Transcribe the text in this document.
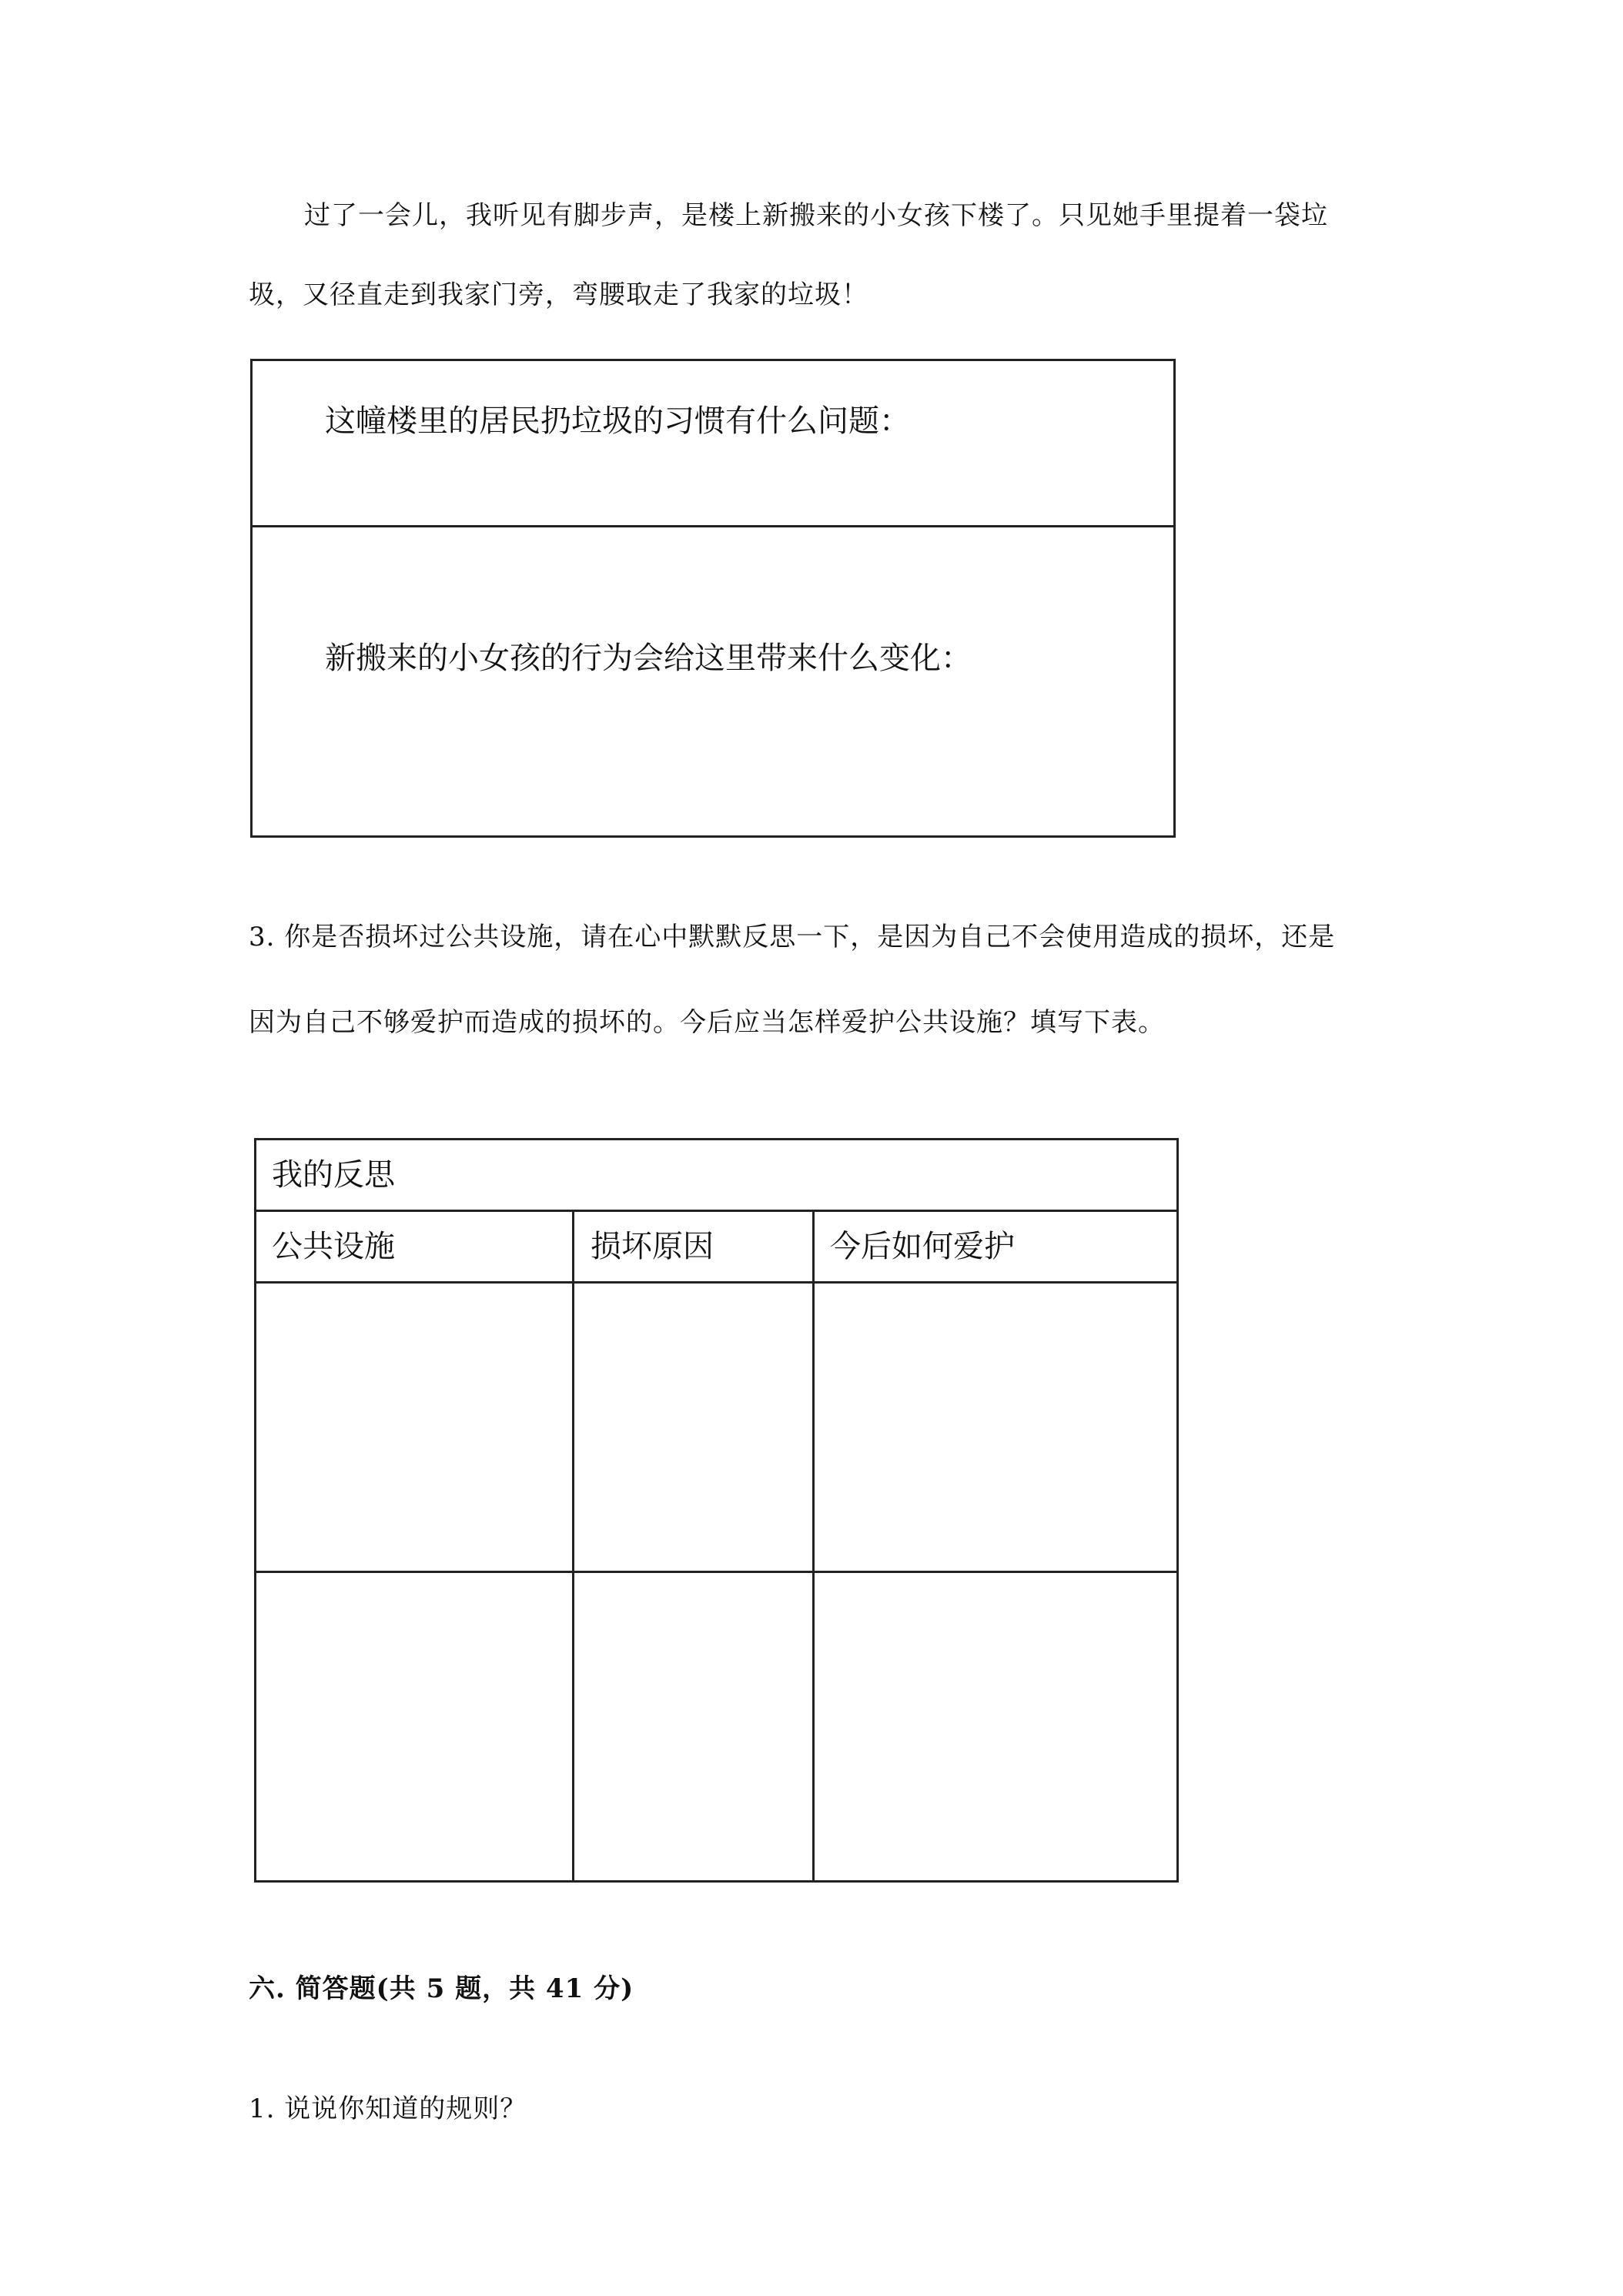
过了一会儿，我听见有脚步声，是楼上新搬来的小女孩下楼了。只见她手里提着一袋垃
圾，又径直走到我家门旁，弯腰取走了我家的垃圾！
这幢楼里的居民扔垃圾的习惯有什么问题：
新搬来的小女孩的行为会给这里带来什么变化：
3. 你是否损坏过公共设施，请在心中默默反思一下，是因为自己不会使用造成的损坏，还是
因为自己不够爱护而造成的损坏的。今后应当怎样爱护公共设施？填写下表。
我的反思
公共设施	损坏原因	今后如何爱护
六. 简答题(共 5 题，共 41 分)
1. 说说你知道的规则？
